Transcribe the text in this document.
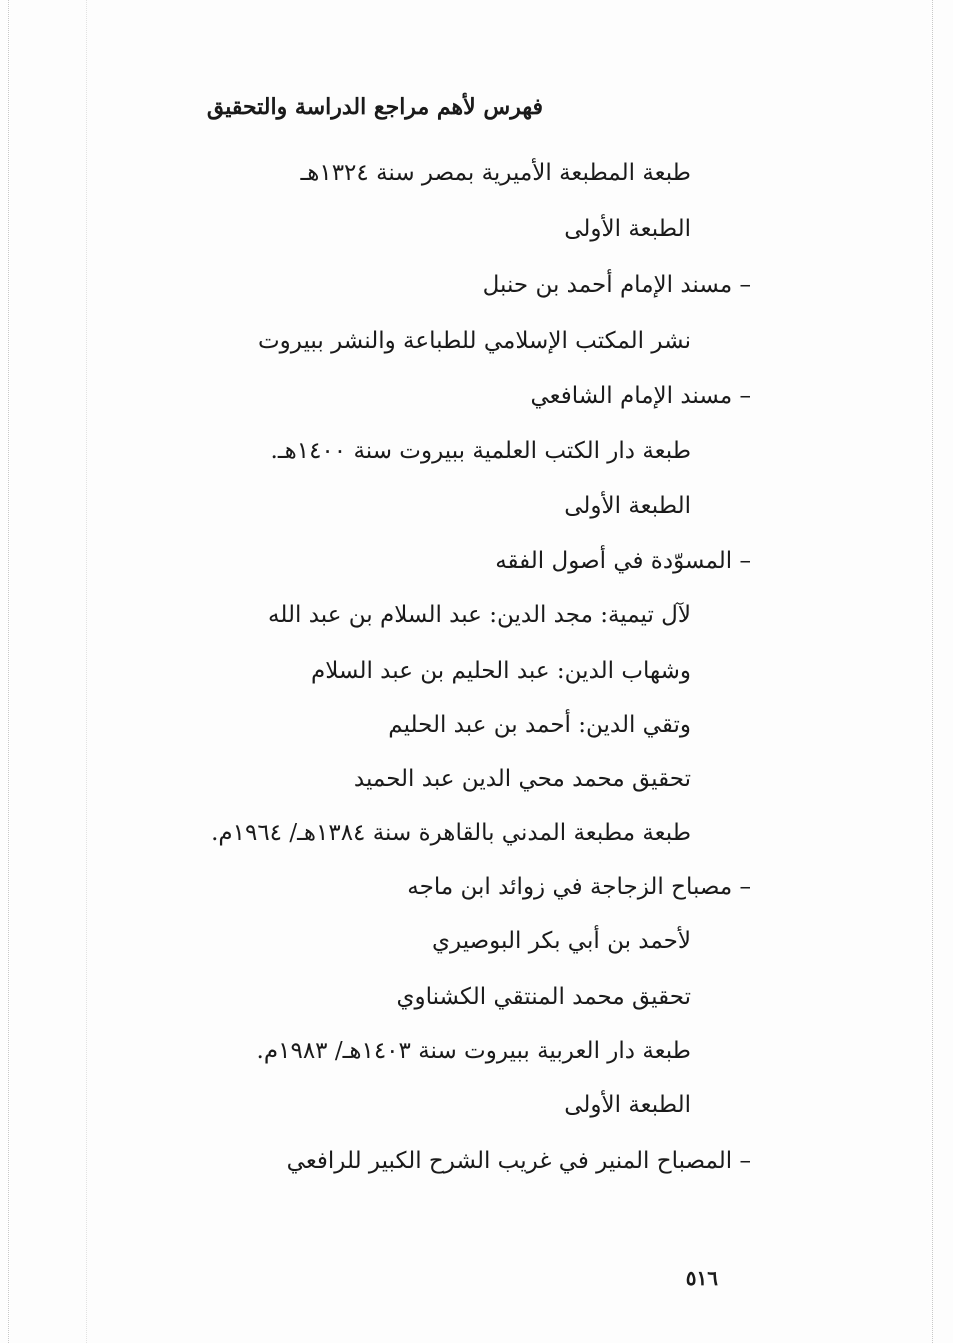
فهرس لأهم مراجع الدراسة والتحقيق
طبعة المطبعة الأميرية بمصر سنة ١٣٢٤هـ
الطبعة الأولى
– مسند الإمام أحمد بن حنبل
نشر المكتب الإسلامي للطباعة والنشر ببيروت
– مسند الإمام الشافعي
طبعة دار الكتب العلمية ببيروت سنة ١٤٠٠هـ.
الطبعة الأولى
– المسوّدة في أصول الفقه
لآل تيمية: مجد الدين: عبد السلام بن عبد الله
وشهاب الدين: عبد الحليم بن عبد السلام
وتقي الدين: أحمد بن عبد الحليم
تحقيق محمد محي الدين عبد الحميد
طبعة مطبعة المدني بالقاهرة سنة ١٣٨٤هـ/ ١٩٦٤م.
– مصباح الزجاجة في زوائد ابن ماجه
لأحمد بن أبي بكر البوصيري
تحقيق محمد المنتقي الكشناوي
طبعة دار العربية ببيروت سنة ١٤٠٣هـ/ ١٩٨٣م.
الطبعة الأولى
– المصباح المنير في غريب الشرح الكبير للرافعي
٥١٦
